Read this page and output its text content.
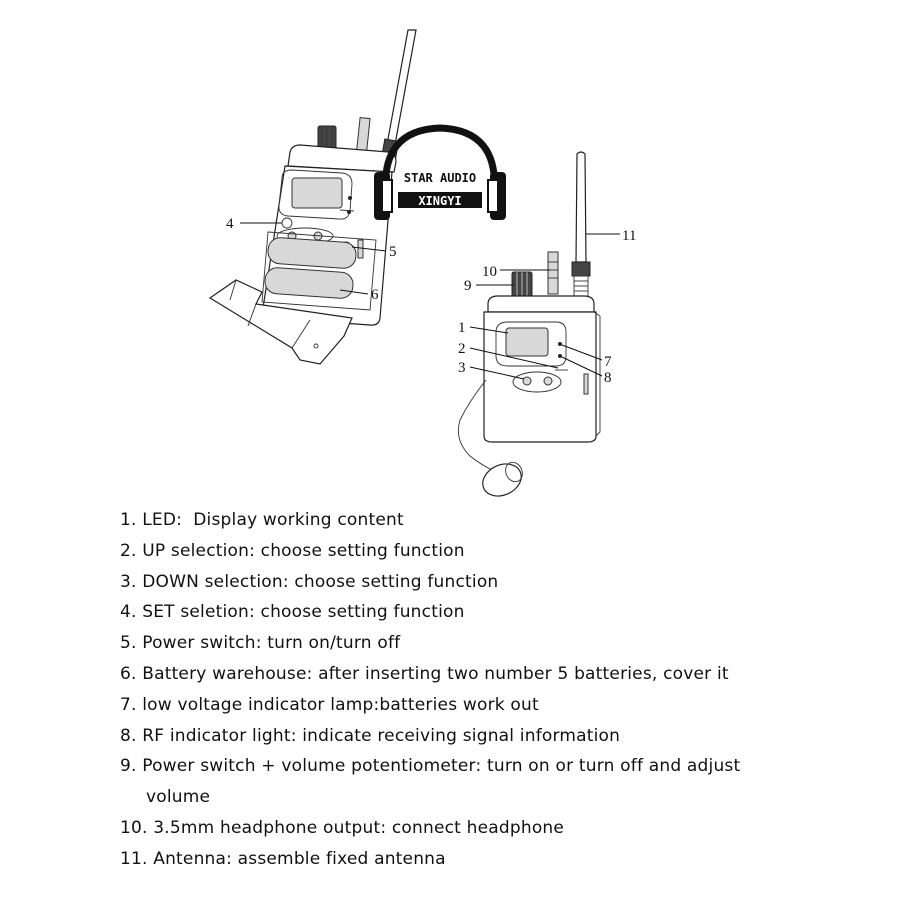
STAR AUDIO
XINGYI
4
5
6
11
10
9
1
2
3	7
8
1. LED:  Display working content
2. UP selection: choose setting function
3. DOWN selection: choose setting function
4. SET seletion: choose setting function
5. Power switch: turn on/turn off
6. Battery warehouse: after inserting two number 5 batteries, cover it
7. low voltage indicator lamp:batteries work out
8. RF indicator light: indicate receiving signal information
9. Power switch + volume potentiometer: turn on or turn off and adjust
volume
10. 3.5mm headphone output: connect headphone
11. Antenna: assemble fixed antenna
